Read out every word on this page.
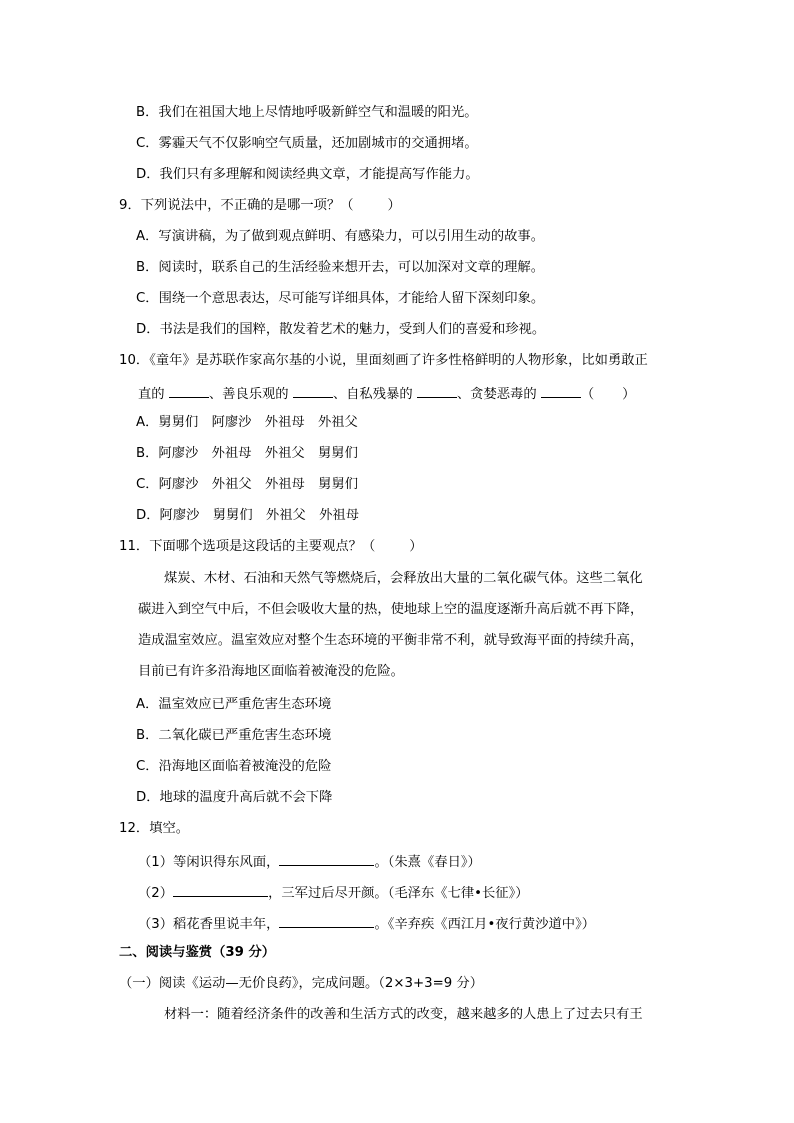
B．我们在祖国大地上尽情地呼吸新鲜空气和温暖的阳光。
C．雾霾天气不仅影响空气质量，还加剧城市的交通拥堵。
D．我们只有多理解和阅读经典文章，才能提高写作能力。
9．下列说法中，不正确的是哪一项？（	）
A．写演讲稿，为了做到观点鲜明、有感染力，可以引用生动的故事。
B．阅读时，联系自己的生活经验来想开去，可以加深对文章的理解。
C．围绕一个意思表达，尽可能写详细具体，才能给人留下深刻印象。
D．书法是我们的国粹，散发着艺术的魅力，受到人们的喜爱和珍视。
10．《童年》是苏联作家高尔基的小说，里面刻画了许多性格鲜明的人物形象，比如勇敢正
直的	、善良乐观的	、自私残暴的	、贪婪恶毒的	（ ）
A．舅舅们　阿廖沙　外祖母　外祖父
B．阿廖沙　外祖母　外祖父　舅舅们
C．阿廖沙　外祖父　外祖母　舅舅们
D．阿廖沙　舅舅们　外祖父　外祖母
11．下面哪个选项是这段话的主要观点？（	）
煤炭、木材、石油和天然气等燃烧后，会释放出大量的二氧化碳气体。这些二氧化
碳进入到空气中后，不但会吸收大量的热，使地球上空的温度逐渐升高后就不再下降，
造成温室效应。温室效应对整个生态环境的平衡非常不利，就导致海平面的持续升高，
目前已有许多沿海地区面临着被淹没的危险。
A．温室效应已严重危害生态环境
B．二氧化碳已严重危害生态环境
C．沿海地区面临着被淹没的危险
D．地球的温度升高后就不会下降
12．填空。
（1）等闲识得东风面，	。（朱熹《春日》）
（2）	，三军过后尽开颜。（毛泽东《七律•长征》）
（3）稻花香里说丰年，	。《辛弃疾《西江月•夜行黄沙道中》）
二、阅读与鉴赏（39 分）
（一）阅读《运动—无价良药》，完成问题。（2×3+3=9 分）
材料一：随着经济条件的改善和生活方式的改变，越来越多的人患上了过去只有王
